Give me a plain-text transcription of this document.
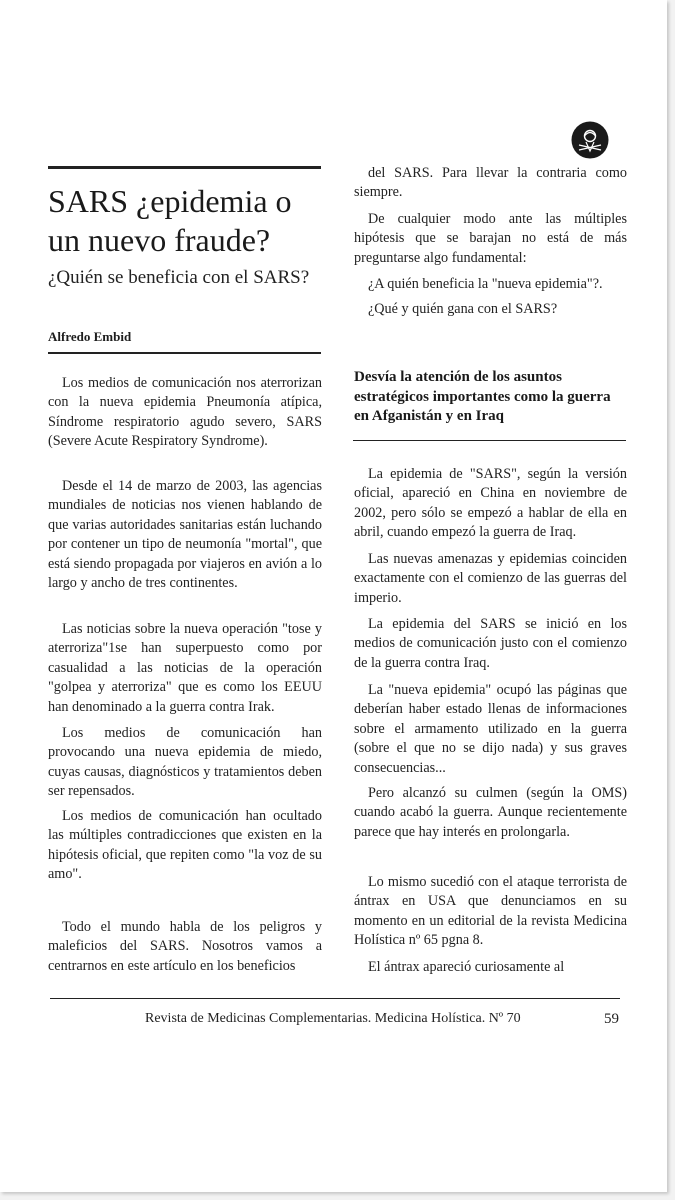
SARS ¿epidemia o un nuevo fraude?

¿Quién se beneficia con el SARS?

Alfredo Embid

Los medios de comunicación nos aterrorizan con la nueva epidemia Pneumonía atípica, Síndrome respiratorio agudo severo, SARS (Severe Acute Respiratory Syndrome).

Desde el 14 de marzo de 2003, las agencias mundiales de noticias nos vienen hablando de que varias autoridades sanitarias están luchando por contener un tipo de neumonía "mortal", que está siendo propagada por viajeros en avión a lo largo y ancho de tres continentes.

Las noticias sobre la nueva operación "tose y aterroriza"1se han superpuesto como por casualidad a las noticias de la operación "golpea y aterroriza" que es como los EEUU han denominado a la guerra contra Irak.

Los medios de comunicación han provocando una nueva epidemia de miedo, cuyas causas, diagnósticos y tratamientos deben ser repensados.

Los medios de comunicación han ocultado las múltiples contradicciones que existen en la hipótesis oficial, que repiten como "la voz de su amo".

Todo el mundo habla de los peligros y maleficios del SARS. Nosotros vamos a centrarnos en este artículo en los beneficios

del SARS. Para llevar la contraria como siempre.

De cualquier modo ante las múltiples hipótesis que se barajan no está de más preguntarse algo fundamental:

¿A quién beneficia la "nueva epidemia"?.

¿Qué y quién gana con el SARS?

Desvía la atención de los asuntos estratégicos importantes como la guerra en Afganistán y en Iraq

La epidemia de "SARS", según la versión oficial, apareció en China en noviembre de 2002, pero sólo se empezó a hablar de ella en abril, cuando empezó la guerra de Iraq.

Las nuevas amenazas y epidemias coinciden exactamente con el comienzo de las guerras del imperio.

La epidemia del SARS se inició en los medios de comunicación justo con el comienzo de la guerra contra Iraq.

La "nueva epidemia" ocupó las páginas que deberían haber estado llenas de informaciones sobre el armamento utilizado en la guerra (sobre el que no se dijo nada) y sus graves consecuencias...

Pero alcanzó su culmen (según la OMS) cuando acabó la guerra. Aunque recientemente parece que hay interés en prolongarla.

Lo mismo sucedió con el ataque terrorista de ántrax en USA que denunciamos en su momento en un editorial de la revista Medicina Holística nº 65 pgna 8.

El ántrax apareció curiosamente al

Revista de Medicinas Complementarias. Medicina Holística. Nº 70	59
